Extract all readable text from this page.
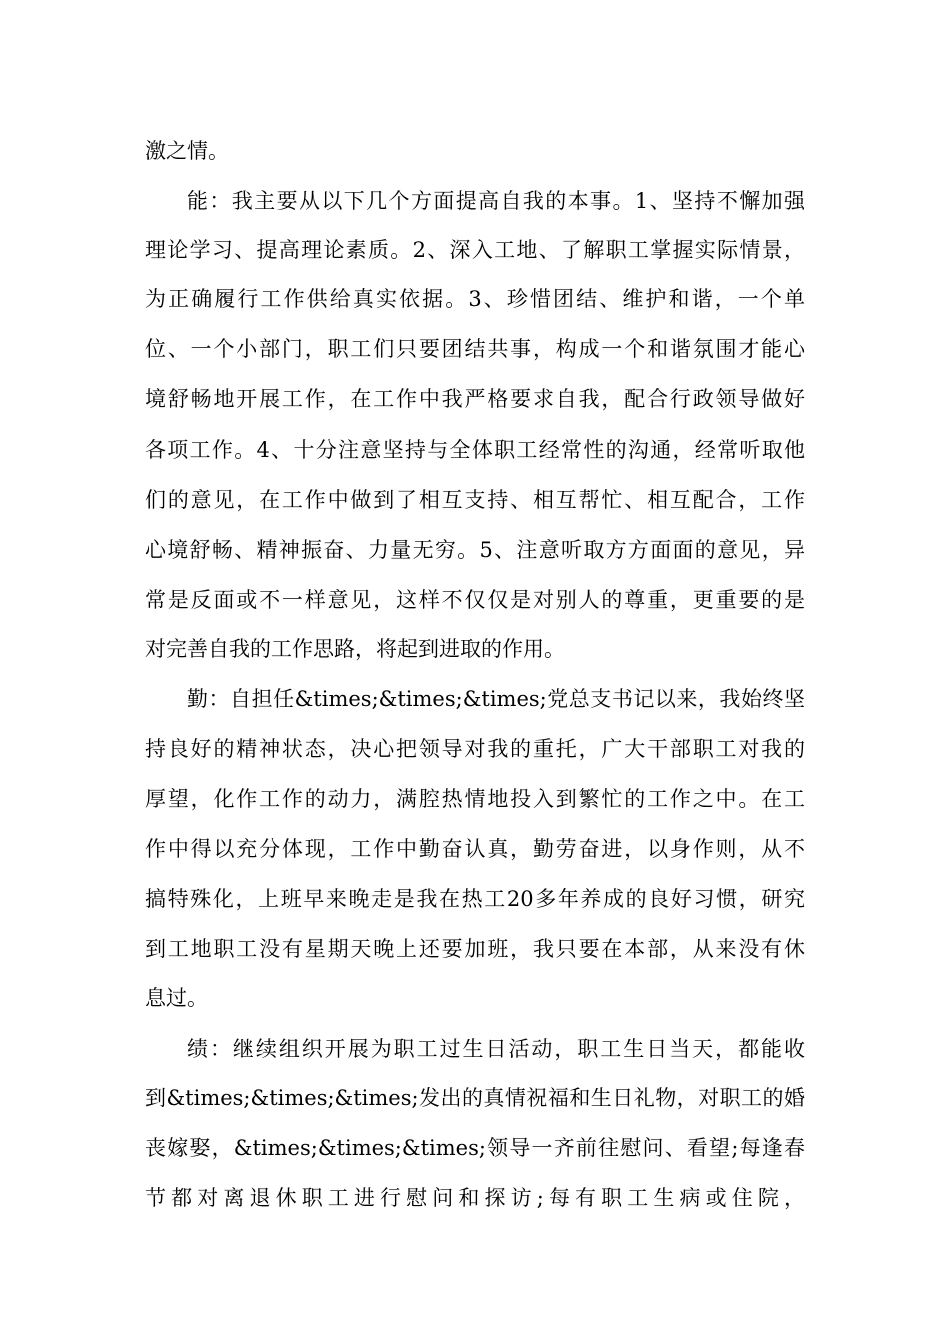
激之情。
能：我主要从以下几个方面提高自我的本事。1、坚持不懈加强
理论学习、提高理论素质。2、深入工地、了解职工掌握实际情景，
为正确履行工作供给真实依据。3、珍惜团结、维护和谐，一个单
位、一个小部门，职工们只要团结共事，构成一个和谐氛围才能心
境舒畅地开展工作，在工作中我严格要求自我，配合行政领导做好
各项工作。4、十分注意坚持与全体职工经常性的沟通，经常听取他
们的意见，在工作中做到了相互支持、相互帮忙、相互配合，工作
心境舒畅、精神振奋、力量无穷。5、注意听取方方面面的意见，异
常是反面或不一样意见，这样不仅仅是对别人的尊重，更重要的是
对完善自我的工作思路，将起到进取的作用。
勤：自担任&times;&times;&times;党总支书记以来，我始终坚
持良好的精神状态，决心把领导对我的重托，广大干部职工对我的
厚望，化作工作的动力，满腔热情地投入到繁忙的工作之中。在工
作中得以充分体现，工作中勤奋认真，勤劳奋进，以身作则，从不
搞特殊化，上班早来晚走是我在热工20多年养成的良好习惯，研究
到工地职工没有星期天晚上还要加班，我只要在本部，从来没有休
息过。
绩：继续组织开展为职工过生日活动，职工生日当天，都能收
到&times;&times;&times;发出的真情祝福和生日礼物，对职工的婚
丧嫁娶，&times;&times;&times;领导一齐前往慰问、看望;每逢春
节都对离退休职工进行慰问和探访;每有职工生病或住院，
